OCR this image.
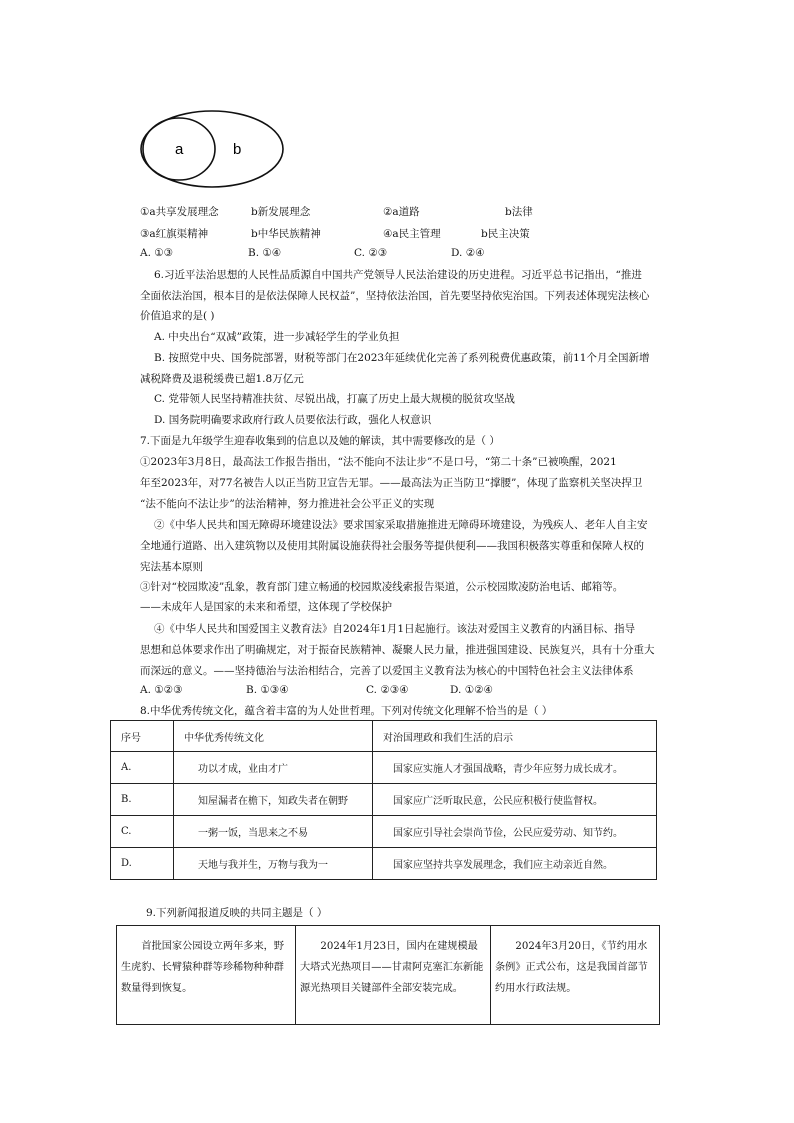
a	b
①a共享发展理念	b新发展理念	②a道路	b法律
③a红旗渠精神	b中华民族精神	④a民主管理	b民主决策
A. ①③	B. ①④	C. ②③	D. ②④
6.习近平法治思想的人民性品质源自中国共产党领导人民法治建设的历史进程。习近平总书记指出，“推进
全面依法治国，根本目的是依法保障人民权益”，坚持依法治国，首先要坚持依宪治国。下列表述体现宪法核心
价值追求的是( )
A. 中央出台“双减”政策，进一步减轻学生的学业负担
B. 按照党中央、国务院部署，财税等部门在2023年延续优化完善了系列税费优惠政策，前11个月全国新增
减税降费及退税缓费已超1.8万亿元
C. 党带领人民坚持精准扶贫、尽锐出战，打赢了历史上最大规模的脱贫攻坚战
D. 国务院明确要求政府行政人员要依法行政，强化人权意识
7.下面是九年级学生迎春收集到的信息以及她的解读，其中需要修改的是（ ）
①2023年3月8日，最高法工作报告指出，“法不能向不法让步”不是口号，“第二十条”已被唤醒，2021
年至2023年，对77名被告人以正当防卫宣告无罪。——最高法为正当防卫“撑腰”，体现了监察机关坚决捍卫
“法不能向不法让步”的法治精神，努力推进社会公平正义的实现
②《中华人民共和国无障碍环境建设法》要求国家采取措施推进无障碍环境建设，为残疾人、老年人自主安
全地通行道路、出入建筑物以及使用其附属设施获得社会服务等提供便利——我国积极落实尊重和保障人权的
宪法基本原则
③针对“校园欺凌”乱象，教育部门建立畅通的校园欺凌线索报告渠道，公示校园欺凌防治电话、邮箱等。
——未成年人是国家的未来和希望，这体现了学校保护
④《中华人民共和国爱国主义教育法》自2024年1月1日起施行。该法对爱国主义教育的内涵目标、指导
思想和总体要求作出了明确规定，对于振奋民族精神、凝聚人民力量，推进强国建设、民族复兴，具有十分重大
而深远的意义。——坚持德治与法治相结合，完善了以爱国主义教育法为核心的中国特色社会主义法律体系
A. ①②③	B. ①③④	C. ②③④	D. ①②④
8.中华优秀传统文化，蕴含着丰富的为人处世哲理。下列对传统文化理解不恰当的是（ ）
序号	中华优秀传统文化	对治国理政和我们生活的启示
A.	功以才成，业由才广	国家应实施人才强国战略，青少年应努力成长成才。
B.	知屋漏者在檐下，知政失者在朝野	国家应广泛听取民意，公民应积极行使监督权。
C.	一粥一饭，当思来之不易	国家应引导社会崇尚节俭，公民应爱劳动、知节约。
D.	天地与我并生，万物与我为一	国家应坚持共享发展理念，我们应主动亲近自然。
9.下列新闻报道反映的共同主题是（ ）
首批国家公园设立两年多来，野生虎豹、长臂猿种群等珍稀物种种群数量得到恢复。	2024年1月23日，国内在建规模最大塔式光热项目——甘肃阿克塞汇东新能源光热项目关键部件全部安装完成。	2024年3月20日，《节约用水条例》正式公布，这是我国首部节约用水行政法规。
